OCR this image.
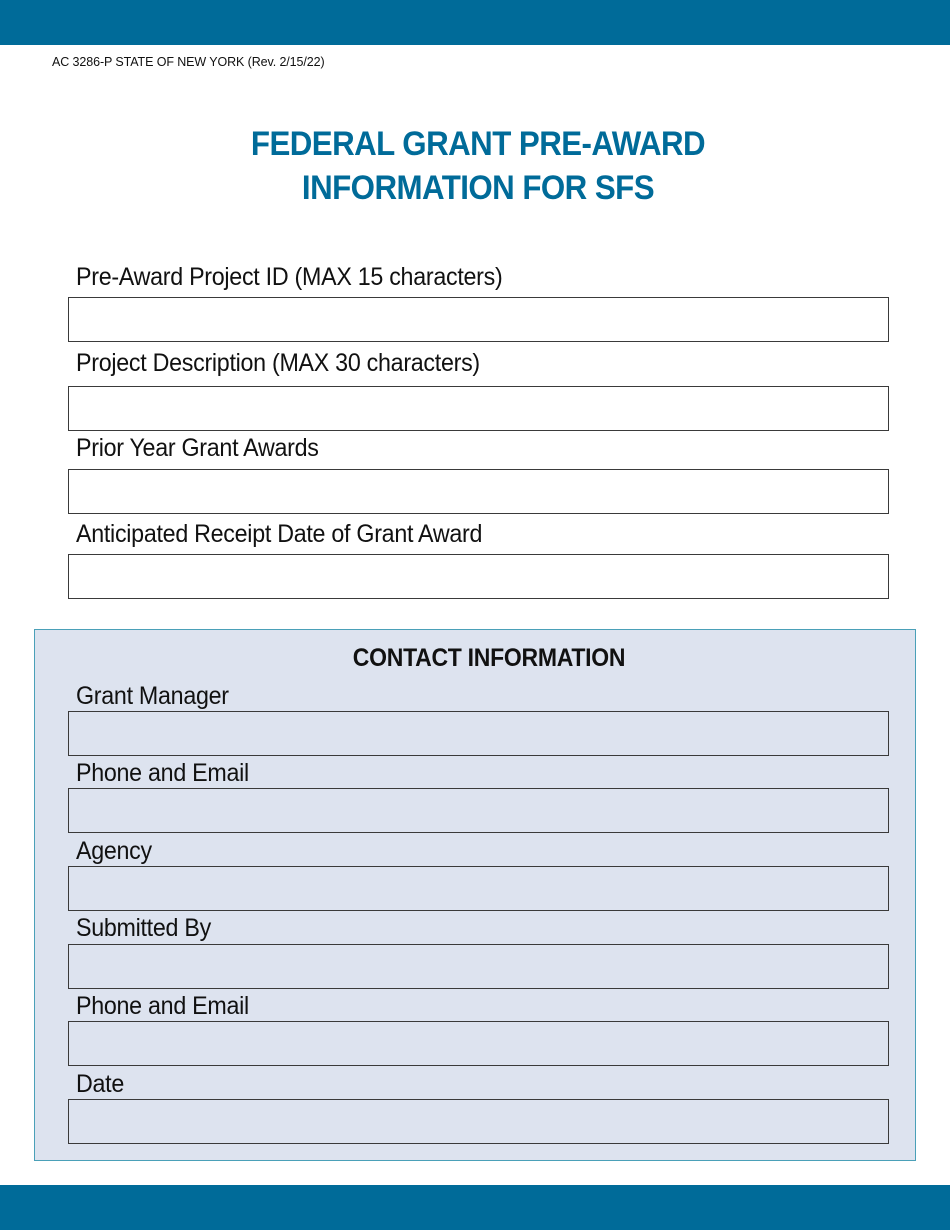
AC 3286-P STATE OF NEW YORK (Rev. 2/15/22)
FEDERAL GRANT PRE-AWARD
INFORMATION FOR SFS
Pre-Award Project ID (MAX 15 characters)
Project Description (MAX 30 characters)
Prior Year Grant Awards
Anticipated Receipt Date of Grant Award
CONTACT INFORMATION
Grant Manager
Phone and Email
Agency
Submitted By
Phone and Email
Date
